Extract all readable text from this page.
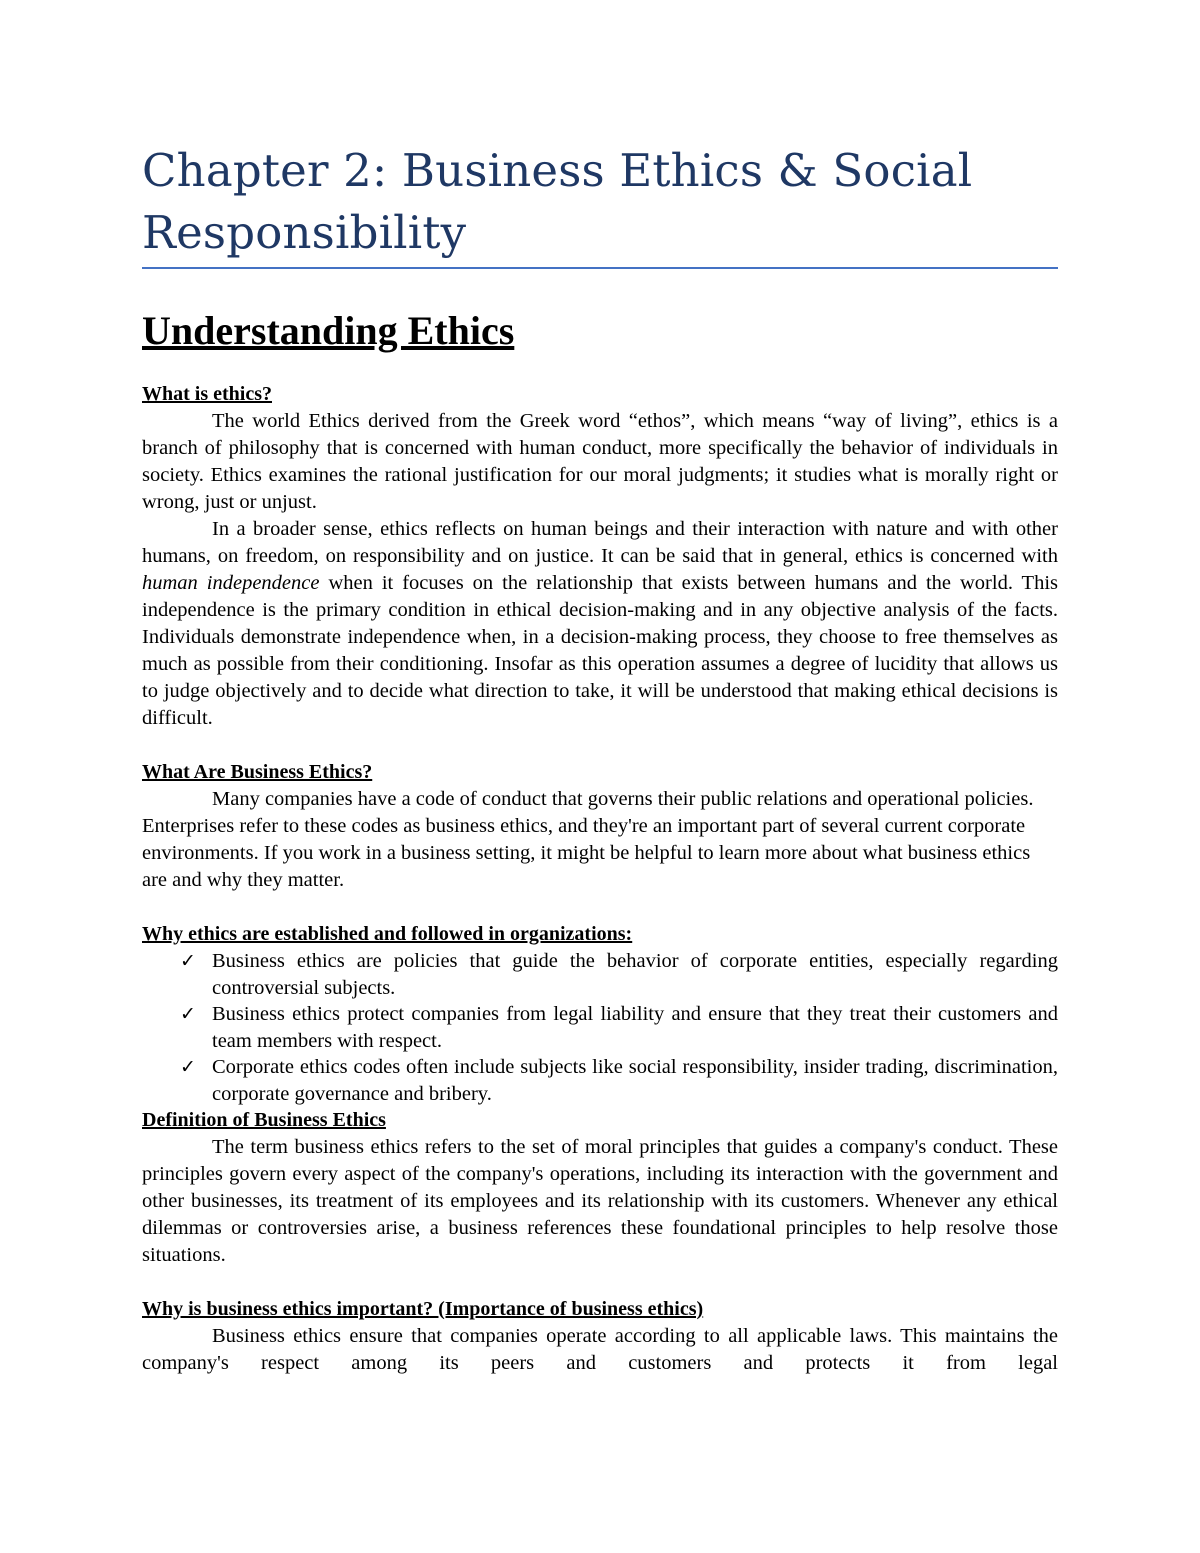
Chapter 2: Business Ethics & Social Responsibility
Understanding Ethics
What is ethics?

The world Ethics derived from the Greek word “ethos”, which means “way of living”, ethics is a branch of philosophy that is concerned with human conduct, more specifically the behavior of individuals in society. Ethics examines the rational justification for our moral judgments; it studies what is morally right or wrong, just or unjust.

In a broader sense, ethics reflects on human beings and their interaction with nature and with other humans, on freedom, on responsibility and on justice. It can be said that in general, ethics is concerned with human independence when it focuses on the relationship that exists between humans and the world. This independence is the primary condition in ethical decision-making and in any objective analysis of the facts. Individuals demonstrate independence when, in a decision-making process, they choose to free themselves as much as possible from their conditioning. Insofar as this operation assumes a degree of lucidity that allows us to judge objectively and to decide what direction to take, it will be understood that making ethical decisions is difficult.

What Are Business Ethics?

Many companies have a code of conduct that governs their public relations and operational policies. Enterprises refer to these codes as business ethics, and they're an important part of several current corporate environments. If you work in a business setting, it might be helpful to learn more about what business ethics are and why they matter.

Why ethics are established and followed in organizations:
✓ Business ethics are policies that guide the behavior of corporate entities, especially regarding controversial subjects.
✓ Business ethics protect companies from legal liability and ensure that they treat their customers and team members with respect.
✓ Corporate ethics codes often include subjects like social responsibility, insider trading, discrimination, corporate governance and bribery.
Definition of Business Ethics

The term business ethics refers to the set of moral principles that guides a company's conduct. These principles govern every aspect of the company's operations, including its interaction with the government and other businesses, its treatment of its employees and its relationship with its customers. Whenever any ethical dilemmas or controversies arise, a business references these foundational principles to help resolve those situations.

Why is business ethics important? (Importance of business ethics)

Business ethics ensure that companies operate according to all applicable laws. This maintains the company's respect among its peers and customers and protects it from legal
